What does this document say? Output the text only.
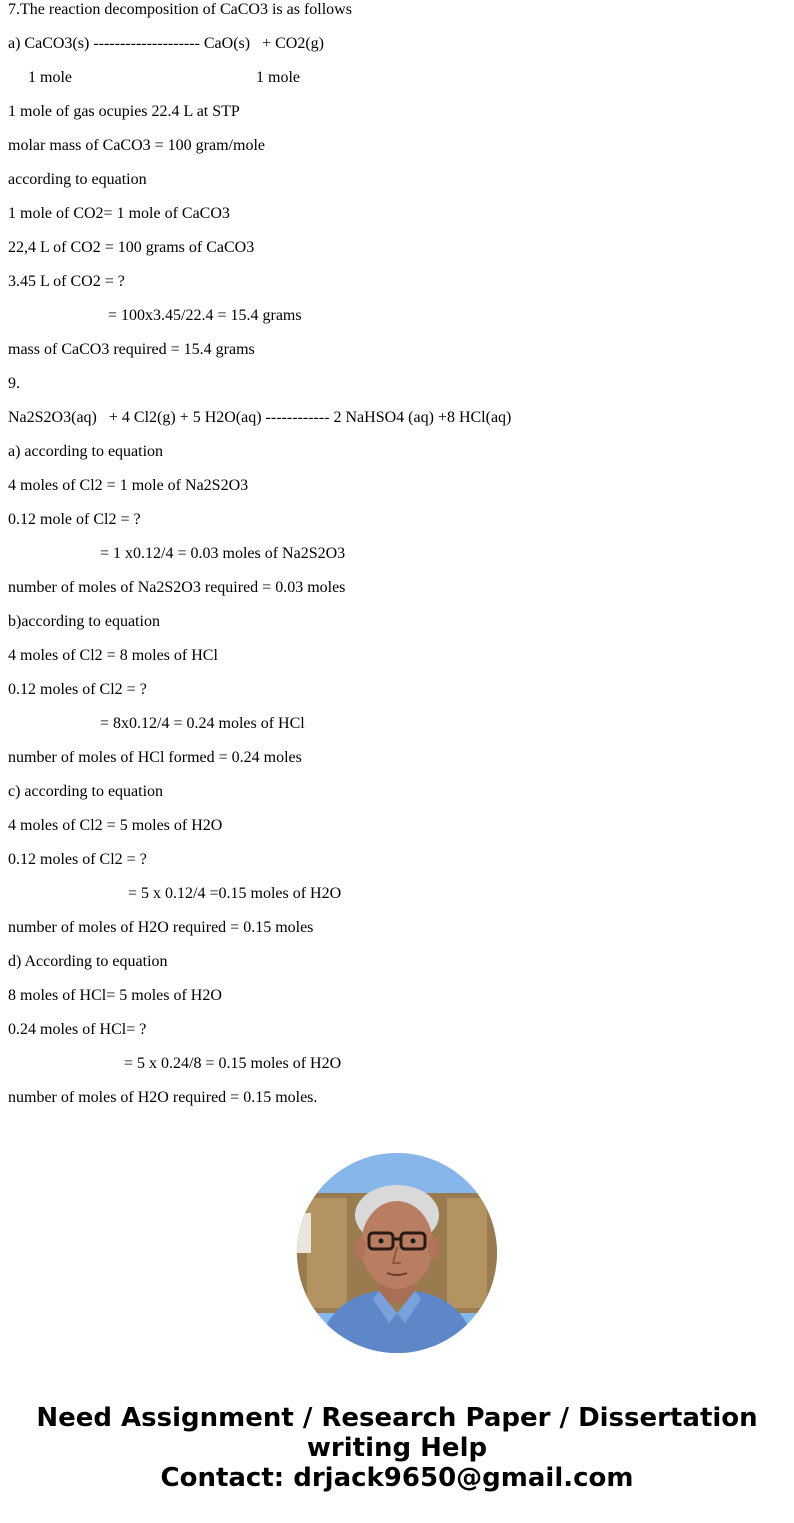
7.The reaction decomposition of CaCO3 is as follows
a) CaCO3(s) -------------------- CaO(s)   + CO2(g)
1 mole                                              1 mole
1 mole of gas ocupies 22.4 L at STP
molar mass of CaCO3 = 100 gram/mole
according to equation
1 mole of CO2= 1 mole of CaCO3
22,4 L of CO2 = 100 grams of CaCO3
3.45 L of CO2 = ?
= 100x3.45/22.4 = 15.4 grams
mass of CaCO3 required = 15.4 grams
9.
Na2S2O3(aq)   + 4 Cl2(g) + 5 H2O(aq) ------------ 2 NaHSO4 (aq) +8 HCl(aq)
a) according to equation
4 moles of Cl2 = 1 mole of Na2S2O3
0.12 mole of Cl2 = ?
= 1 x0.12/4 = 0.03 moles of Na2S2O3
number of moles of Na2S2O3 required = 0.03 moles
b)according to equation
4 moles of Cl2 = 8 moles of HCl
0.12 moles of Cl2 = ?
= 8x0.12/4 = 0.24 moles of HCl
number of moles of HCl formed = 0.24 moles
c) according to equation
4 moles of Cl2 = 5 moles of H2O
0.12 moles of Cl2 = ?
= 5 x 0.12/4 =0.15 moles of H2O
number of moles of H2O required = 0.15 moles
d) According to equation
8 moles of HCl= 5 moles of H2O
0.24 moles of HCl= ?
= 5 x 0.24/8 = 0.15 moles of H2O
number of moles of H2O required = 0.15 moles.
Need Assignment / Research Paper / Dissertation
writing Help
Contact: drjack9650@gmail.com
